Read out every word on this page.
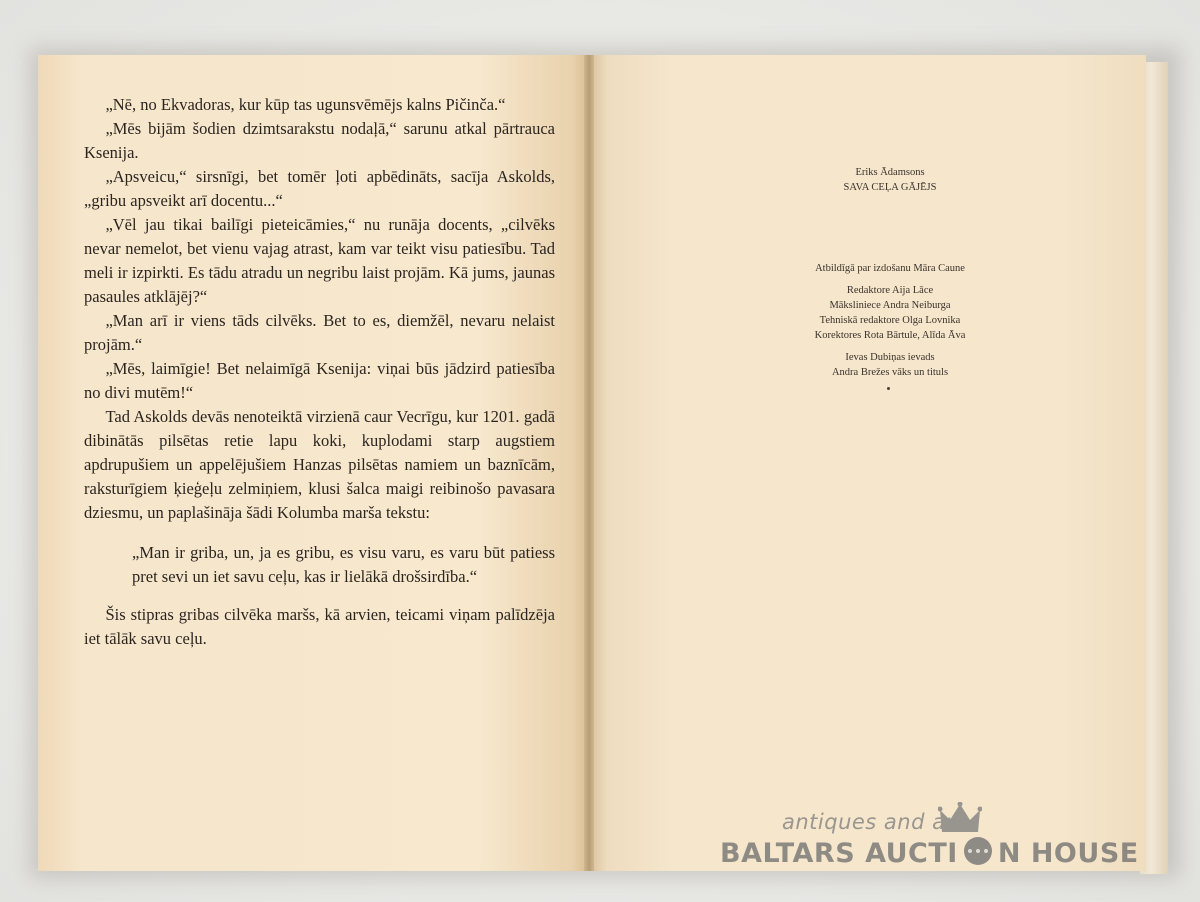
„Nē, no Ekvadoras, kur kūp tas ugunsvēmējs kalns Pičinča.“

„Mēs bijām šodien dzimtsarakstu nodaļā,“ sarunu atkal pārtrauca Ksenija.

„Apsveicu,“ sirsnīgi, bet tomēr ļoti apbēdināts, sacīja Askolds, „gribu apsveikt arī docentu...“

„Vēl jau tikai bailīgi pieteicāmies,“ nu runāja docents, „cilvēks nevar nemelot, bet vienu vajag atrast, kam var teikt visu patiesību. Tad meli ir izpirkti. Es tādu atradu un negribu laist projām. Kā jums, jaunas pasaules atklājēj?“

„Man arī ir viens tāds cilvēks. Bet to es, diemžēl, nevaru nelaist projām.“

„Mēs, laimīgie! Bet nelaimīgā Ksenija: viņai būs jādzird patiesība no divi mutēm!“

Tad Askolds devās nenoteiktā virzienā caur Vecrīgu, kur 1201. gadā dibinātās pilsētas retie lapu koki, kuplodami starp augstiem apdrupušiem un appelējušiem Hanzas pilsētas namiem un baznīcām, raksturīgiem ķieģeļu zelmiņiem, klusi šalca maigi reibinošo pavasara dziesmu, un paplašināja šādi Kolumba marša tekstu:

„Man ir griba, un, ja es gribu, es visu varu, es varu būt patiess pret sevi un iet savu ceļu, kas ir lielākā drošsirdība.“

Šis stipras gribas cilvēka maršs, kā arvien, teicami viņam palīdzēja iet tālāk savu ceļu.

Eriks Ādamsons
SAVA CEĻA GĀJĒJS
Atbildīgā par izdošanu Māra Caune
Redaktore Aija Lāce
Māksliniece Andra Neiburga
Tehniskā redaktore Olga Lovnika
Korektores Rota Bārtule, Alīda Āva
Ievas Dubiņas ievads
Andra Brežes vāks un tituls
antiques and art
BALTARS AUCTI N HOUSE
